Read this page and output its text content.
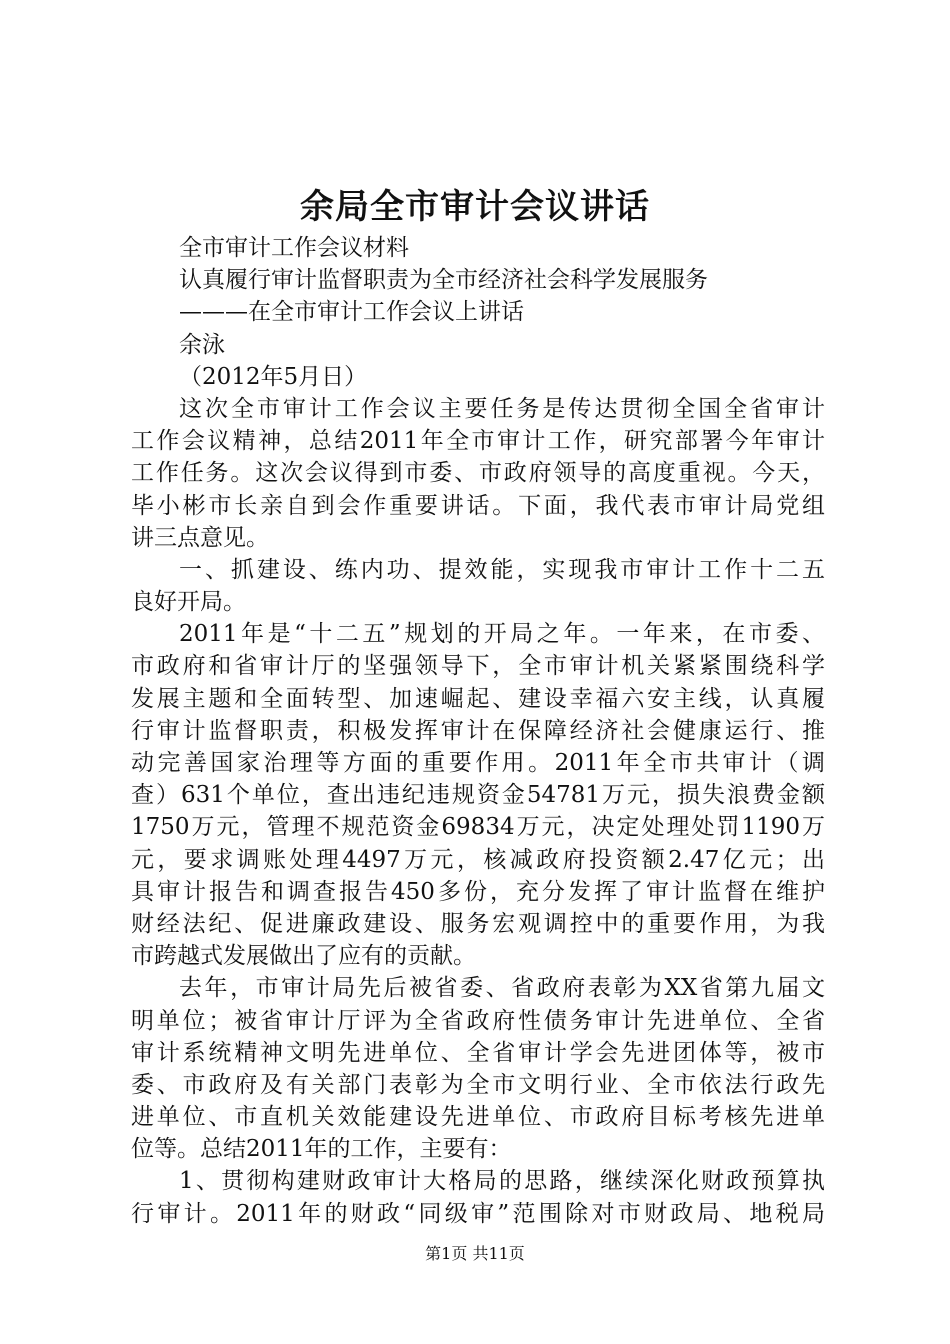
余局全市审计会议讲话
全市审计工作会议材料
认真履行审计监督职责为全市经济社会科学发展服务
———在全市审计工作会议上讲话
余泳
（2012年5月日）
这次全市审计工作会议主要任务是传达贯彻全国全省审计
工作会议精神，总结2011年全市审计工作，研究部署今年审计
工作任务。这次会议得到市委、市政府领导的高度重视。今天，
毕小彬市长亲自到会作重要讲话。下面，我代表市审计局党组
讲三点意见。
一、抓建设、练内功、提效能，实现我市审计工作十二五
良好开局。
2011年是“十二五”规划的开局之年。一年来，在市委、
市政府和省审计厅的坚强领导下，全市审计机关紧紧围绕科学
发展主题和全面转型、加速崛起、建设幸福六安主线，认真履
行审计监督职责，积极发挥审计在保障经济社会健康运行、推
动完善国家治理等方面的重要作用。2011年全市共审计（调
查）631个单位，查出违纪违规资金54781万元，损失浪费金额
1750万元，管理不规范资金69834万元，决定处理处罚1190万
元，要求调账处理4497万元，核减政府投资额2.47亿元；出
具审计报告和调查报告450多份，充分发挥了审计监督在维护
财经法纪、促进廉政建设、服务宏观调控中的重要作用，为我
市跨越式发展做出了应有的贡献。
去年，市审计局先后被省委、省政府表彰为XX省第九届文
明单位；被省审计厅评为全省政府性债务审计先进单位、全省
审计系统精神文明先进单位、全省审计学会先进团体等，被市
委、市政府及有关部门表彰为全市文明行业、全市依法行政先
进单位、市直机关效能建设先进单位、市政府目标考核先进单
位等。总结2011年的工作，主要有：
1、贯彻构建财政审计大格局的思路，继续深化财政预算执
行审计。2011年的财政“同级审”范围除对市财政局、地税局
第1页 共11页
